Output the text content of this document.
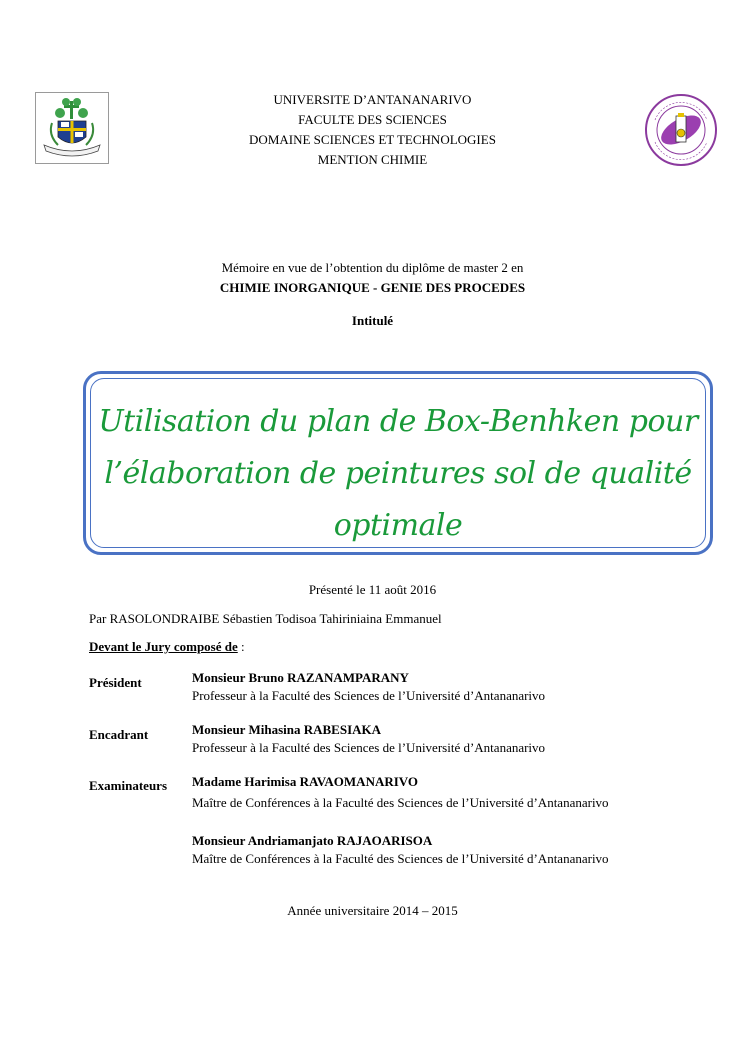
UNIVERSITE D’ANTANANARIVO
FACULTE DES SCIENCES
DOMAINE SCIENCES ET TECHNOLOGIES
MENTION CHIMIE
Mémoire en vue de l’obtention du diplôme de master 2 en
CHIMIE INORGANIQUE - GENIE DES PROCEDES
Intitulé
Utilisation du plan de Box-Benhken pour
l’élaboration de peintures sol de qualité optimale
Présenté le 11 août 2016
Par RASOLONDRAIBE Sébastien Todisoa Tahiriniaina Emmanuel
Devant le Jury composé de :
Président	Monsieur Bruno RAZANAMPARANY
Professeur à la Faculté des Sciences de l’Université d’Antananarivo
Encadrant	Monsieur Mihasina RABESIAKA
Professeur à la Faculté des Sciences de l’Université d’Antananarivo
Examinateurs Madame Harimisa RAVAOMANARIVO
Maître de Conférences à la Faculté des Sciences de l’Université d’Antananarivo
Monsieur Andriamanjato RAJAOARISOA
Maître de Conférences à la Faculté des Sciences de l’Université d’Antananarivo
Année universitaire 2014 – 2015
